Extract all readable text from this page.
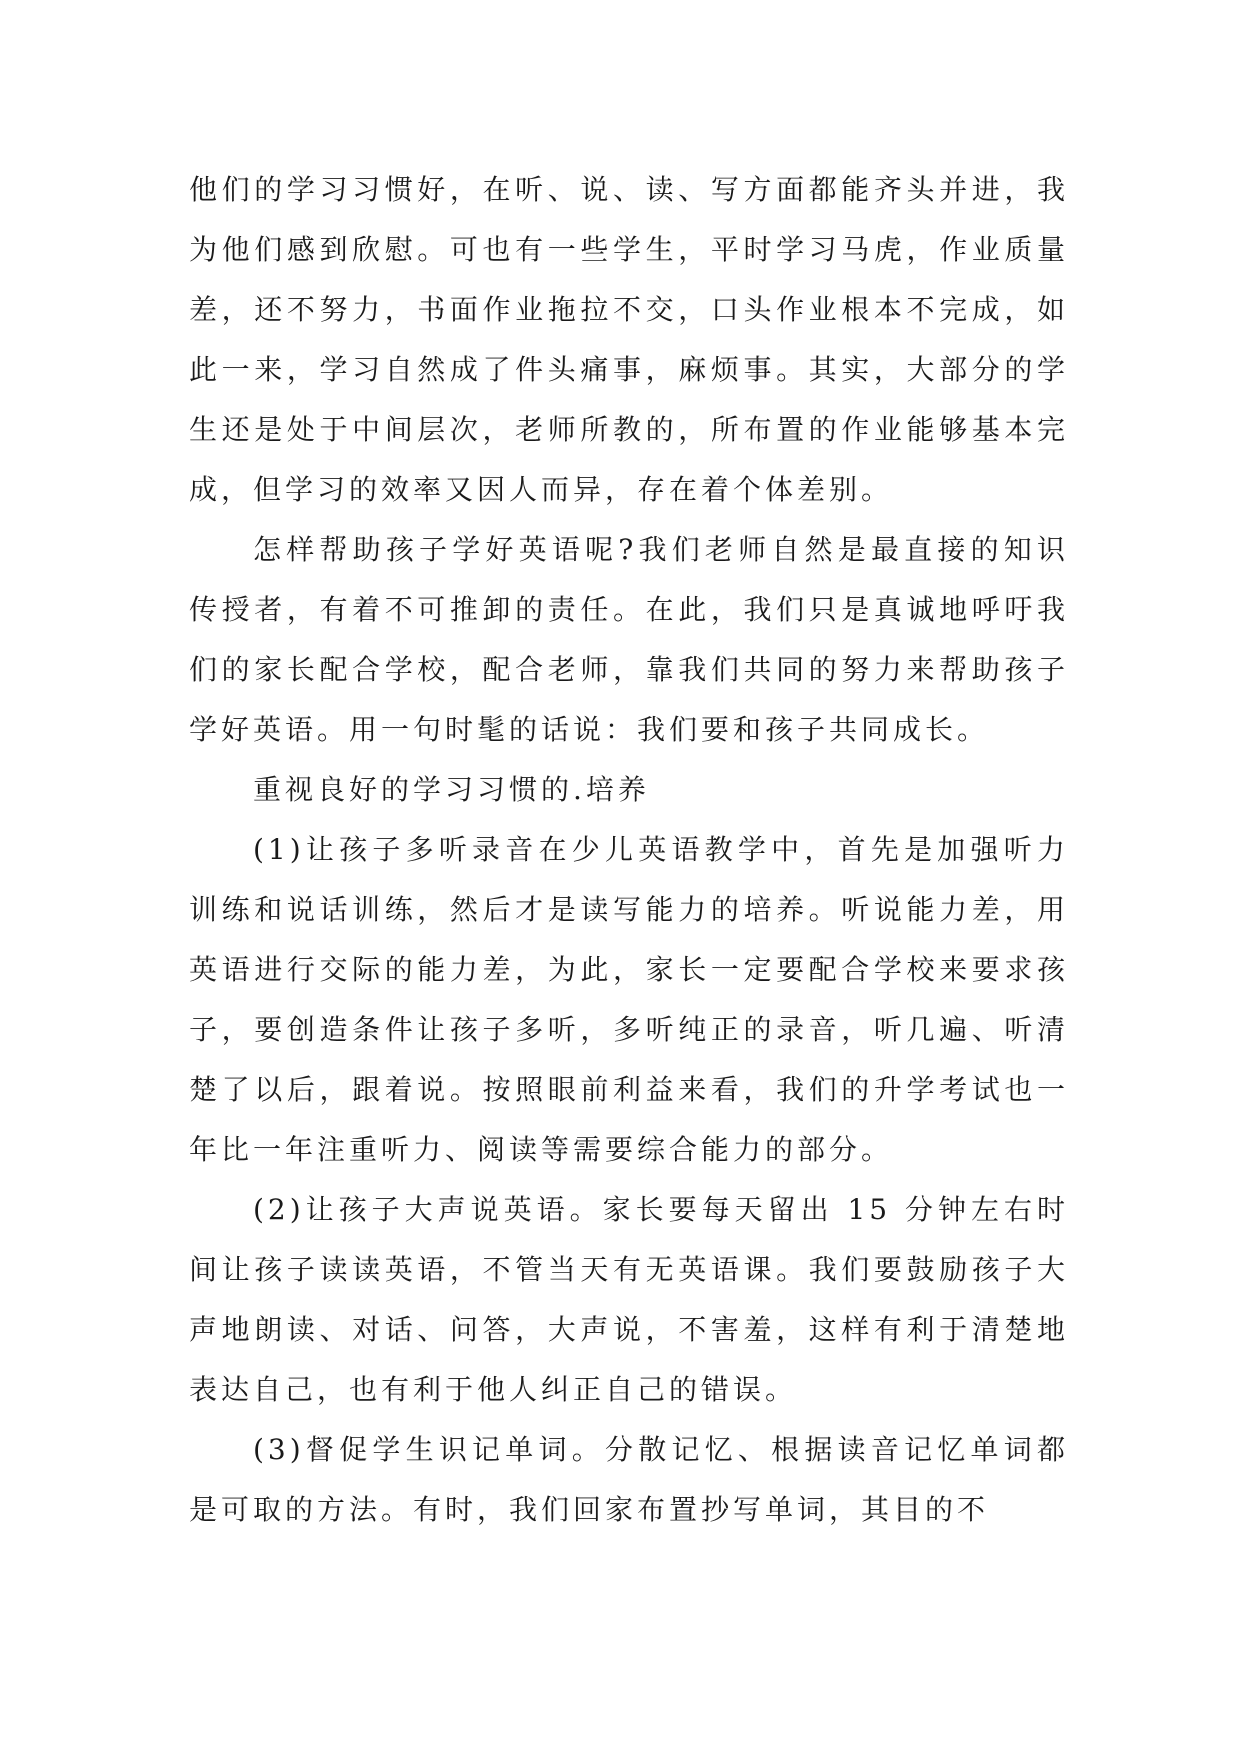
他们的学习习惯好，在听、说、读、写方面都能齐头并进，我为他们感到欣慰。可也有一些学生，平时学习马虎，作业质量差，还不努力，书面作业拖拉不交，口头作业根本不完成，如此一来，学习自然成了件头痛事，麻烦事。其实，大部分的学生还是处于中间层次，老师所教的，所布置的作业能够基本完成，但学习的效率又因人而异，存在着个体差别。

怎样帮助孩子学好英语呢?我们老师自然是最直接的知识传授者，有着不可推卸的责任。在此，我们只是真诚地呼吁我们的家长配合学校，配合老师，靠我们共同的努力来帮助孩子学好英语。用一句时髦的话说：我们要和孩子共同成长。

重视良好的学习习惯的.培养

(1)让孩子多听录音在少儿英语教学中，首先是加强听力训练和说话训练，然后才是读写能力的培养。听说能力差，用英语进行交际的能力差，为此，家长一定要配合学校来要求孩子，要创造条件让孩子多听，多听纯正的录音，听几遍、听清楚了以后，跟着说。按照眼前利益来看，我们的升学考试也一年比一年注重听力、阅读等需要综合能力的部分。

(2)让孩子大声说英语。家长要每天留出 15 分钟左右时间让孩子读读英语，不管当天有无英语课。我们要鼓励孩子大声地朗读、对话、问答，大声说，不害羞，这样有利于清楚地表达自己，也有利于他人纠正自己的错误。

(3)督促学生识记单词。分散记忆、根据读音记忆单词都是可取的方法。有时，我们回家布置抄写单词，其目的不
